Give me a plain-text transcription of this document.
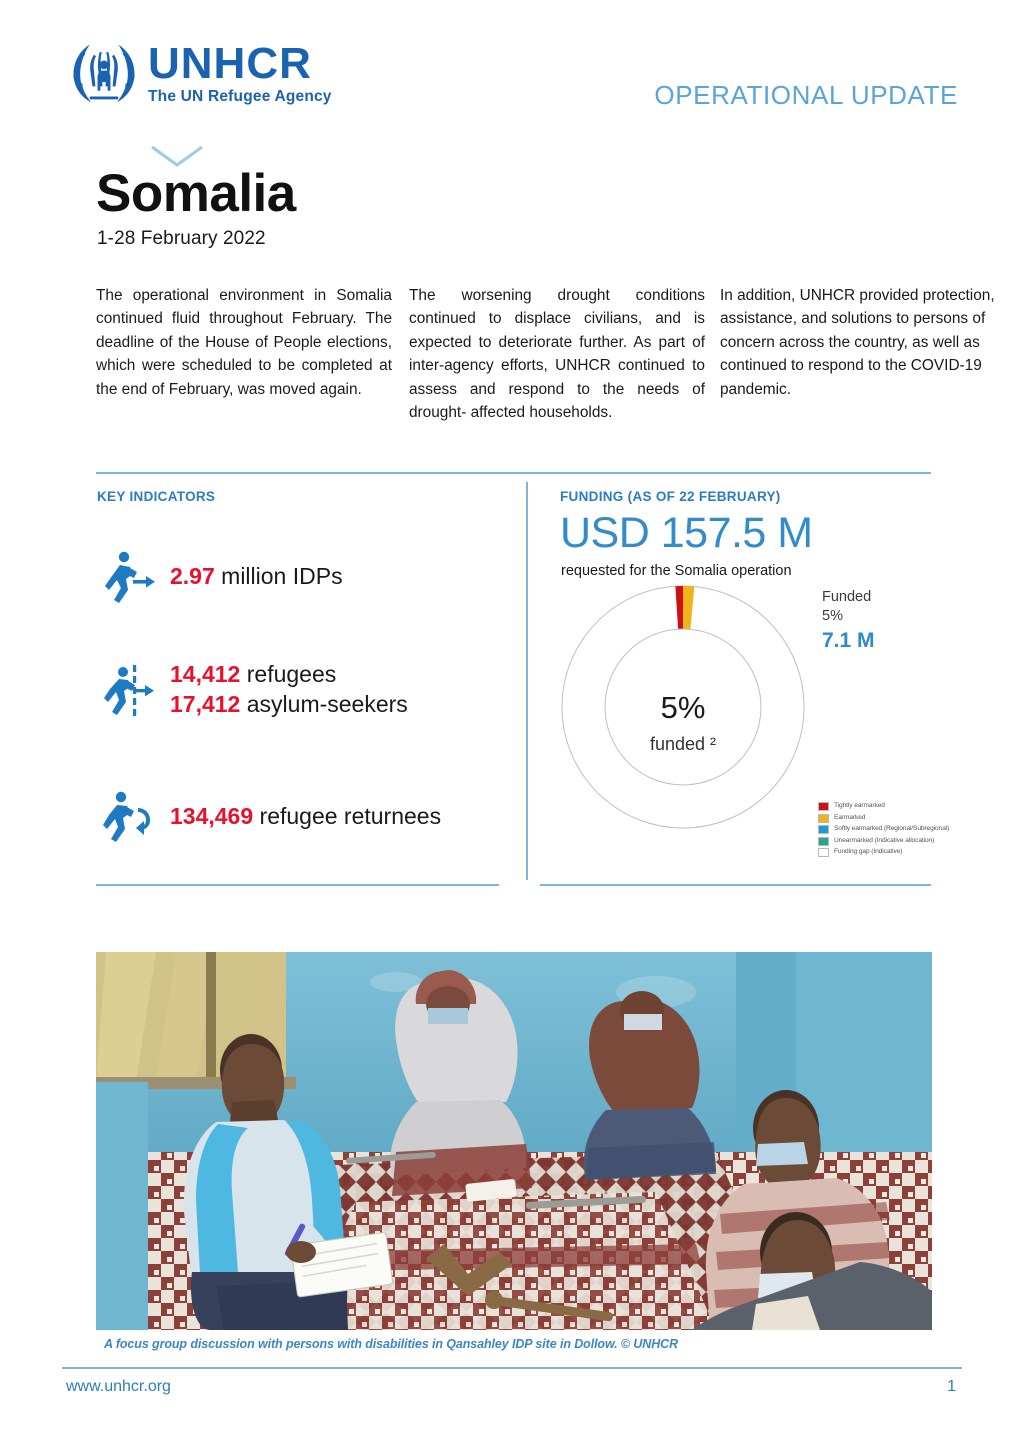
UNHCR
The UN Refugee Agency	OPERATIONAL UPDATE
Somalia
1-28 February 2022
The operational environment in Somalia continued fluid throughout February. The deadline of the House of People elections, which were scheduled to be completed at the end of February, was moved again.
The worsening drought conditions continued to displace civilians, and is expected to deteriorate further. As part of inter-agency efforts, UNHCR continued to assess and respond to the needs of drought- affected households.
In addition, UNHCR provided protection, assistance, and solutions to persons of concern across the country, as well as continued to respond to the COVID-19 pandemic.
KEY INDICATORS
2.97 million IDPs
14,412 refugees
17,412 asylum-seekers
134,469 refugee returnees
FUNDING (AS OF 22 FEBRUARY)
USD 157.5 M
requested for the Somalia operation
5%
funded ²
Funded
5%
7.1 M
Tightly earmarked
Earmarked
Softly earmarked (Regional/Subregional)
Unearmarked (Indicative allocation)
Funding gap (Indicative)
A focus group discussion with persons with disabilities in Qansahley IDP site in Dollow. © UNHCR
www.unhcr.org	1
